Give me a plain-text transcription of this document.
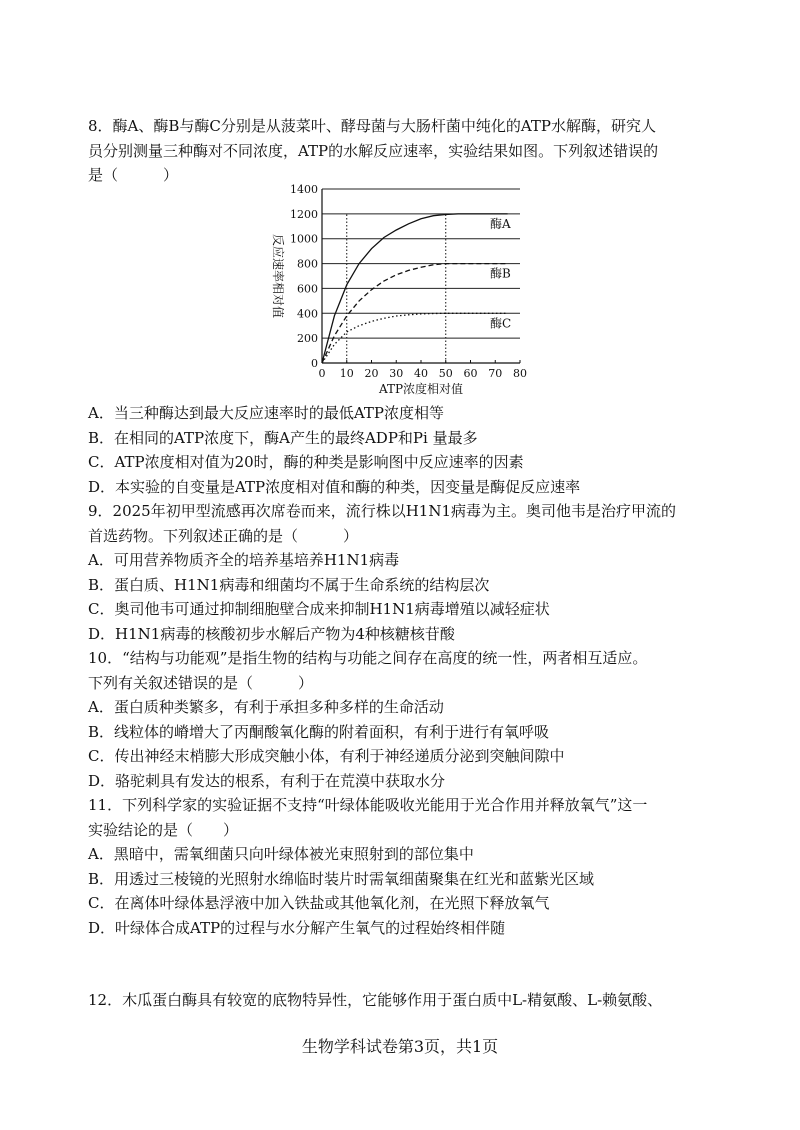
8．酶A、酶B与酶C分别是从菠菜叶、酵母菌与大肠杆菌中纯化的ATP水解酶，研究人
员分别测量三种酶对不同浓度，ATP的水解反应速率，实验结果如图。下列叙述错误的
是（　　　）
0
200
400
600
800
1000
1200
1400
0 10 20 30 40 50 60 70 80
酶A
酶B
酶C
ATP浓度相对值
反应速率相对值
A．当三种酶达到最大反应速率时的最低ATP浓度相等
B．在相同的ATP浓度下，酶A产生的最终ADP和Pi 量最多
C．ATP浓度相对值为20时，酶的种类是影响图中反应速率的因素
D．本实验的自变量是ATP浓度相对值和酶的种类，因变量是酶促反应速率
9．2025年初甲型流感再次席卷而来，流行株以H1N1病毒为主。奥司他韦是治疗甲流的
首选药物。下列叙述正确的是（　　　）
A．可用营养物质齐全的培养基培养H1N1病毒
B．蛋白质、H1N1病毒和细菌均不属于生命系统的结构层次
C．奥司他韦可通过抑制细胞壁合成来抑制H1N1病毒增殖以减轻症状
D．H1N1病毒的核酸初步水解后产物为4种核糖核苷酸
10．“结构与功能观”是指生物的结构与功能之间存在高度的统一性，两者相互适应。
下列有关叙述错误的是（　　　）
A．蛋白质种类繁多，有利于承担多种多样的生命活动
B．线粒体的嵴增大了丙酮酸氧化酶的附着面积，有利于进行有氧呼吸
C．传出神经末梢膨大形成突触小体，有利于神经递质分泌到突触间隙中
D．骆驼刺具有发达的根系，有利于在荒漠中获取水分
11．下列科学家的实验证据不支持“叶绿体能吸收光能用于光合作用并释放氧气”这一
实验结论的是（　　）
A．黑暗中，需氧细菌只向叶绿体被光束照射到的部位集中
B．用透过三棱镜的光照射水绵临时装片时需氧细菌聚集在红光和蓝紫光区域
C．在离体叶绿体悬浮液中加入铁盐或其他氧化剂，在光照下释放氧气
D．叶绿体合成ATP的过程与水分解产生氧气的过程始终相伴随
12．木瓜蛋白酶具有较宽的底物特异性，它能够作用于蛋白质中L-精氨酸、L-赖氨酸、
生物学科试卷第3页，共1页
